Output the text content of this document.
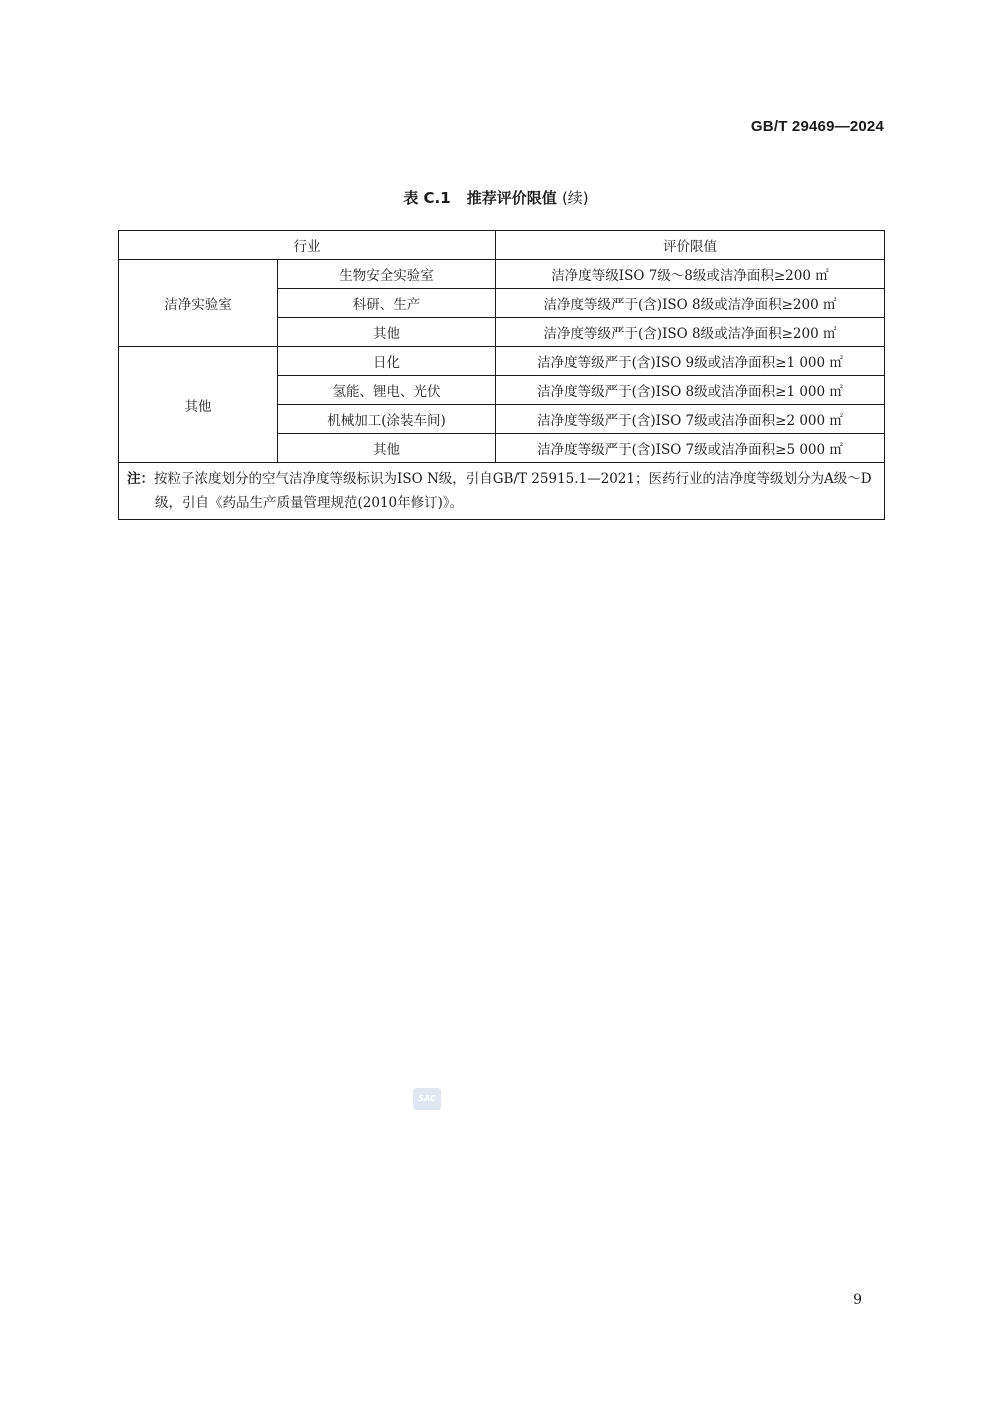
GB/T 29469—2024
表 C.1 推荐评价限值 (续)
行业		评价限值
洁净实验室	生物安全实验室	洁净度等级ISO 7级～8级或洁净面积≥200 ㎡
	科研、生产	洁净度等级严于(含)ISO 8级或洁净面积≥200 ㎡
	其他	洁净度等级严于(含)ISO 8级或洁净面积≥200 ㎡
其他	日化	洁净度等级严于(含)ISO 9级或洁净面积≥1 000 ㎡
	氢能、锂电、光伏	洁净度等级严于(含)ISO 8级或洁净面积≥1 000 ㎡
	机械加工(涂装车间)	洁净度等级严于(含)ISO 7级或洁净面积≥2 000 ㎡
	其他	洁净度等级严于(含)ISO 7级或洁净面积≥5 000 ㎡
注：按粒子浓度划分的空气洁净度等级标识为ISO N级，引自GB/T 25915.1—2021；医药行业的洁净度等级划分为A级～D级，引自《药品生产质量管理规范(2010年修订)》。		
SAC
9
